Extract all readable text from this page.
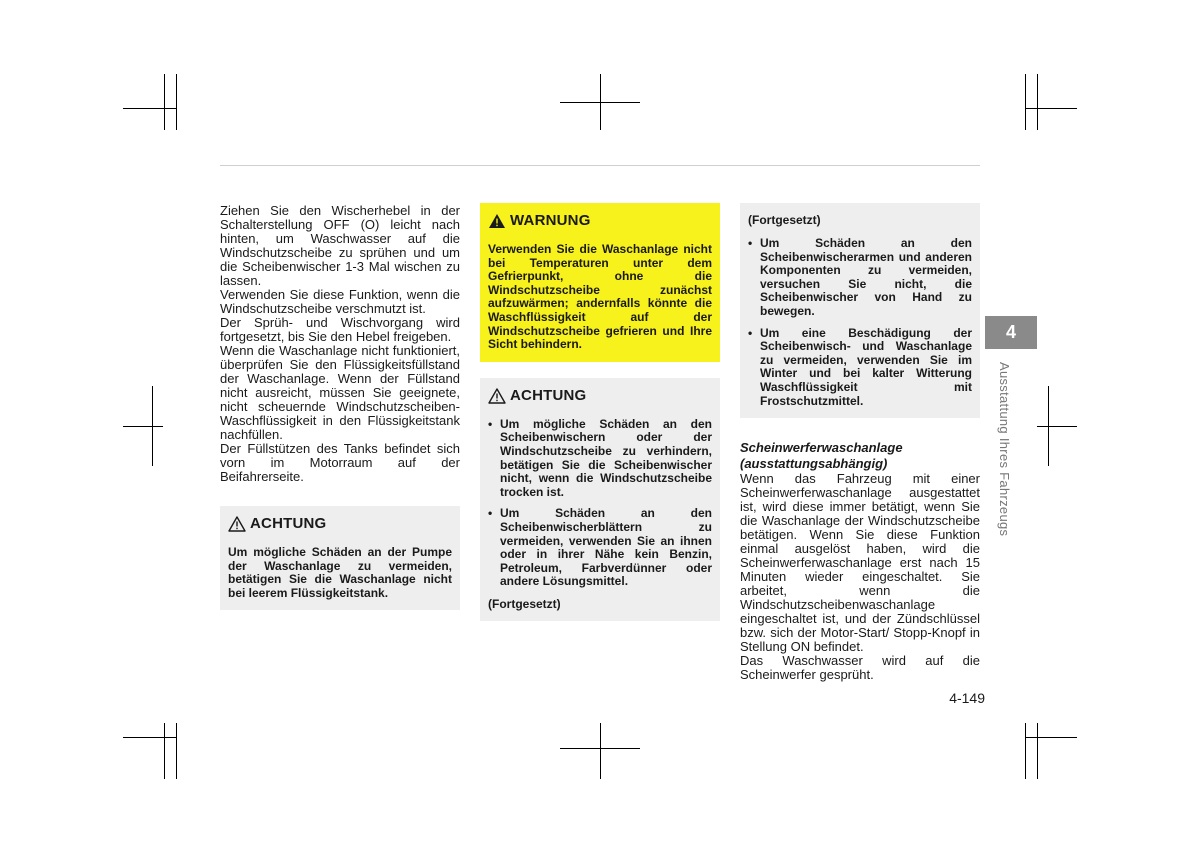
Ziehen Sie den Wischerhebel in der Schalterstellung OFF (O) leicht nach hinten, um Waschwasser auf die Windschutzscheibe zu sprühen und um die Scheibenwischer 1-3 Mal wischen zu lassen.

Verwenden Sie diese Funktion, wenn die Windschutzscheibe verschmutzt ist.

Der Sprüh- und Wischvorgang wird fortgesetzt, bis Sie den Hebel freigeben.

Wenn die Waschanlage nicht funktioniert, überprüfen Sie den Flüssigkeitsfüllstand der Waschanlage. Wenn der Füllstand nicht ausreicht, müssen Sie geeignete, nicht scheuernde Windschutzscheiben-Waschflüssigkeit in den Flüssigkeitstank nachfüllen.

Der Füllstützen des Tanks befindet sich vorn im Motorraum auf der Beifahrerseite.

ACHTUNG

Um mögliche Schäden an der Pumpe der Waschanlage zu vermeiden, betätigen Sie die Waschanlage nicht bei leerem Flüssigkeitstank.

WARNUNG

Verwenden Sie die Waschanlage nicht bei Temperaturen unter dem Gefrierpunkt, ohne die Windschutzscheibe zunächst aufzuwärmen; andernfalls könnte die Waschflüssigkeit auf der Windschutzscheibe gefrieren und Ihre Sicht behindern.

ACHTUNG
• Um mögliche Schäden an den Scheibenwischern oder der Windschutzscheibe zu verhindern, betätigen Sie die Scheibenwischer nicht, wenn die Windschutzscheibe trocken ist.
• Um Schäden an den Scheibenwischerblättern zu vermeiden, verwenden Sie an ihnen oder in ihrer Nähe kein Benzin, Petroleum, Farbverdünner oder andere Lösungsmittel.

(Fortgesetzt)

(Fortgesetzt)

• Um Schäden an den Scheibenwischerarmen und anderen Komponenten zu vermeiden, versuchen Sie nicht, die Scheibenwischer von Hand zu bewegen.
• Um eine Beschädigung der Scheibenwisch- und Waschanlage zu vermeiden, verwenden Sie im Winter und bei kalter Witterung Waschflüssigkeit mit Frostschutzmittel.

Scheinwerferwaschanlage

(ausstattungsabhängig)

Wenn das Fahrzeug mit einer Scheinwerferwaschanlage ausgestattet ist, wird diese immer betätigt, wenn Sie die Waschanlage der Windschutzscheibe betätigen. Wenn Sie diese Funktion einmal ausgelöst haben, wird die Scheinwerferwaschanlage erst nach 15 Minuten wieder eingeschaltet. Sie arbeitet, wenn die Windschutzscheibenwaschanlage eingeschaltet ist, und der Zündschlüssel bzw. sich der Motor-Start/ Stopp-Knopf in Stellung ON befindet.

Das Waschwasser wird auf die Scheinwerfer gesprüht.

4
Ausstattung Ihres Fahrzeugs
4-149
